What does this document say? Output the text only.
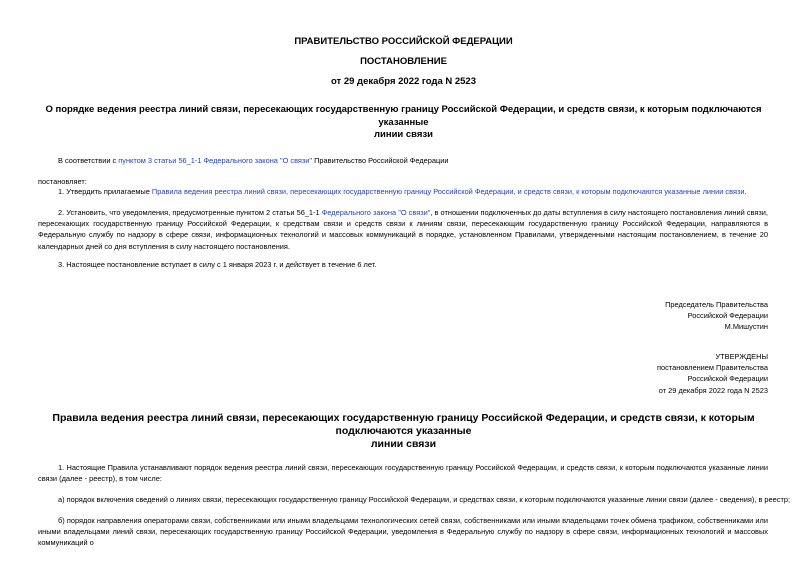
ПРАВИТЕЛЬСТВО РОССИЙСКОЙ ФЕДЕРАЦИИ
ПОСТАНОВЛЕНИЕ
от 29 декабря 2022 года N 2523
О порядке ведения реестра линий связи, пересекающих государственную границу Российской Федерации, и средств связи, к которым подключаются указанные
линии связи
В соответствии с пунктом 3 статьи 56_1-1 Федерального закона "О связи" Правительство Российской Федерации
постановляет:
1. Утвердить прилагаемые Правила ведения реестра линий связи, пересекающих государственную границу Российской Федерации, и средств связи, к которым подключаются указанные линии связи.
2. Установить, что уведомления, предусмотренные пунктом 2 статьи 56_1-1 Федерального закона "О связи", в отношении подключенных до даты вступления в силу настоящего постановления линий связи, пересекающих государственную границу Российской Федерации, к средствам связи и средств связи к линиям связи, пересекающим государственную границу Российской Федерации, направляются в Федеральную службу по надзору в сфере связи, информационных технологий и массовых коммуникаций в порядке, установленном Правилами, утвержденными настоящим постановлением, в течение 20 календарных дней со дня вступления в силу настоящего постановления.
3. Настоящее постановление вступает в силу с 1 января 2023 г. и действует в течение 6 лет.
Председатель Правительства
Российской Федерации
М.Мишустин
УТВЕРЖДЕНЫ
постановлением Правительства
Российской Федерации
от 29 декабря 2022 года N 2523
Правила ведения реестра линий связи, пересекающих государственную границу Российской Федерации, и средств связи, к которым подключаются указанные
линии связи
1. Настоящие Правила устанавливают порядок ведения реестра линий связи, пересекающих государственную границу Российской Федерации, и средств связи, к которым подключаются указанные линии связи (далее - реестр), в том числе:
а) порядок включения сведений о линиях связи, пересекающих государственную границу Российской Федерации, и средствах связи, к которым подключаются указанные линии связи (далее - сведения), в реестр;
б) порядок направления операторами связи, собственниками или иными владельцами технологических сетей связи, собственниками или иными владельцами точек обмена трафиком, собственниками или иными владельцами линий связи, пересекающих государственную границу Российской Федерации, уведомления в Федеральную службу по надзору в сфере связи, информационных технологий и массовых коммуникаций о
